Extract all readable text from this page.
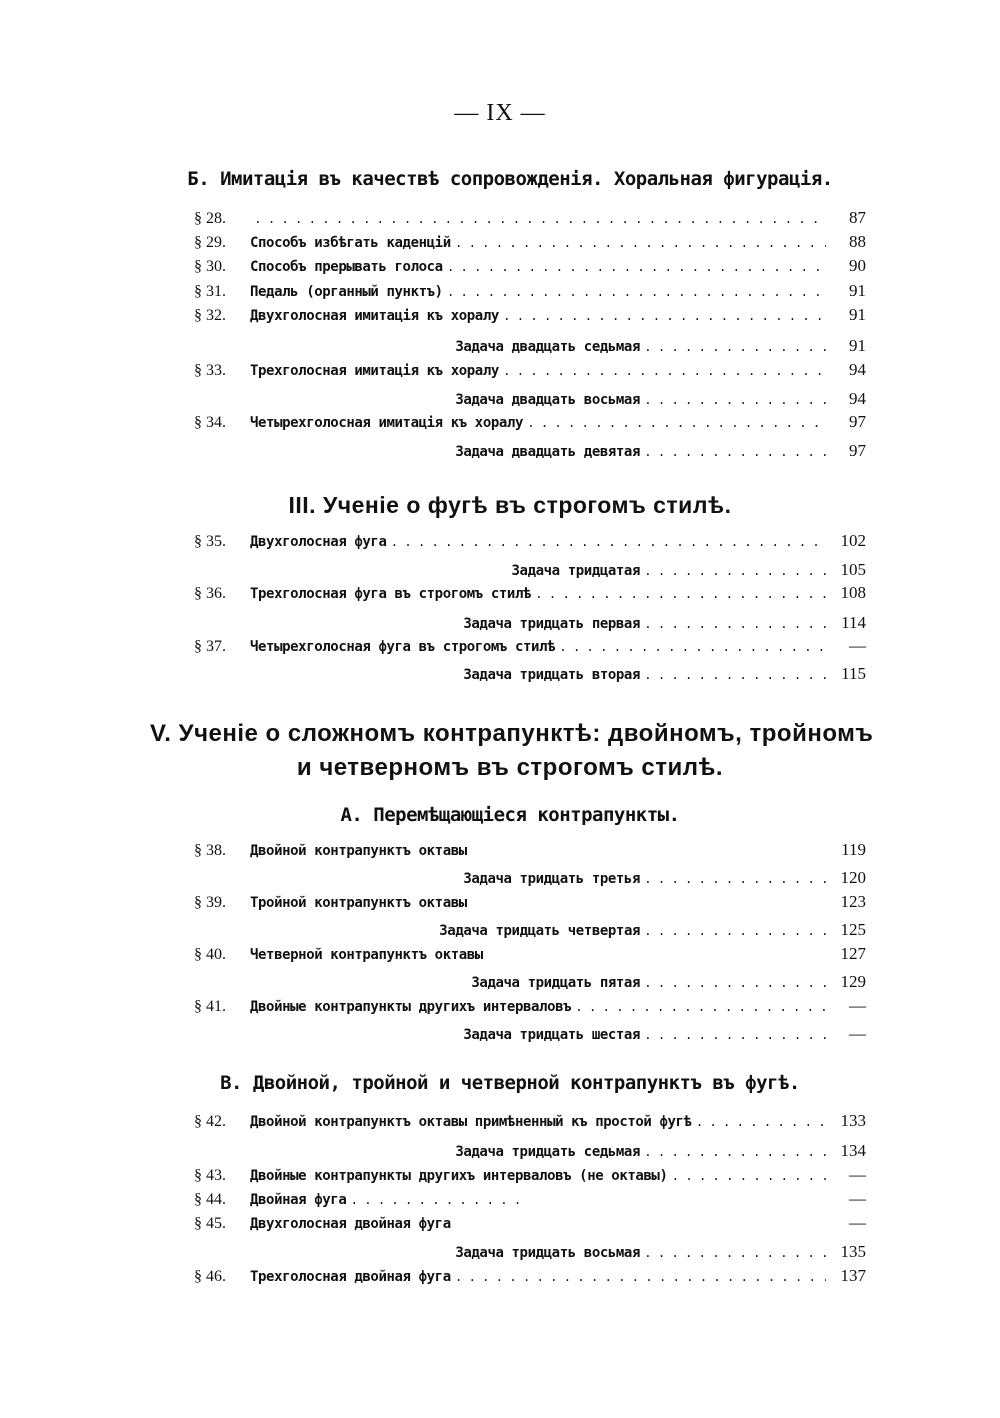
— IX —
Б. Имитація въ качествѣ сопровожденія. Хоральная фигурація.
§ 28. . . .	87
§ 29.	Способъ избѣгать каденцій . . .	88
§ 30.	Способъ прерывать голоса . . .	90
§ 31.	Педаль (органный пунктъ) . . .	91
§ 32.	Двухголосная имитація къ хоралу . . .	91
Задача двадцать седьмая . . .	91
§ 33.	Трехголосная имитація къ хоралу . . .	94
Задача двадцать восьмая . . .	94
§ 34.	Четырехголосная имитація къ хоралу . . .	97
Задача двадцать девятая . . .	97
III. Ученіе о фугѣ въ строгомъ стилѣ.
§ 35.	Двухголосная фуга . . .	102
Задача тридцатая . . .	105
§ 36.	Трехголосная фуга въ строгомъ стилѣ . . .	108
Задача тридцать первая . . .	114
§ 37.	Четырехголосная фуга въ строгомъ стилѣ . . .	—
Задача тридцать вторая . . .	115
V. Ученіе о сложномъ контрапунктѣ: двойномъ, тройномъ
и четверномъ въ строгомъ стилѣ.
А. Перемѣщающіеся контрапункты.
§ 38.	Двойной контрапунктъ октавы	119
Задача тридцать третья . . .	120
§ 39.	Тройной контрапунктъ октавы	123
Задача тридцать четвертая . . .	125
§ 40.	Четверной контрапунктъ октавы	127
Задача тридцать пятая . . .	129
§ 41.	Двойные контрапункты другихъ интерваловъ . . .	—
Задача тридцать шестая . . .	—
В. Двойной, тройной и четверной контрапунктъ въ фугѣ.
§ 42.	Двойной контрапунктъ октавы примѣненный къ простой фугѣ . . .	133
Задача тридцать седьмая . . .	134
§ 43.	Двойные контрапункты другихъ интерваловъ (не октавы) . . .	—
§ 44.	Двойная фуга . . .	—
§ 45.	Двухголосная двойная фуга	—
Задача тридцать восьмая . . .	135
§ 46.	Трехголосная двойная фуга . . .	137
